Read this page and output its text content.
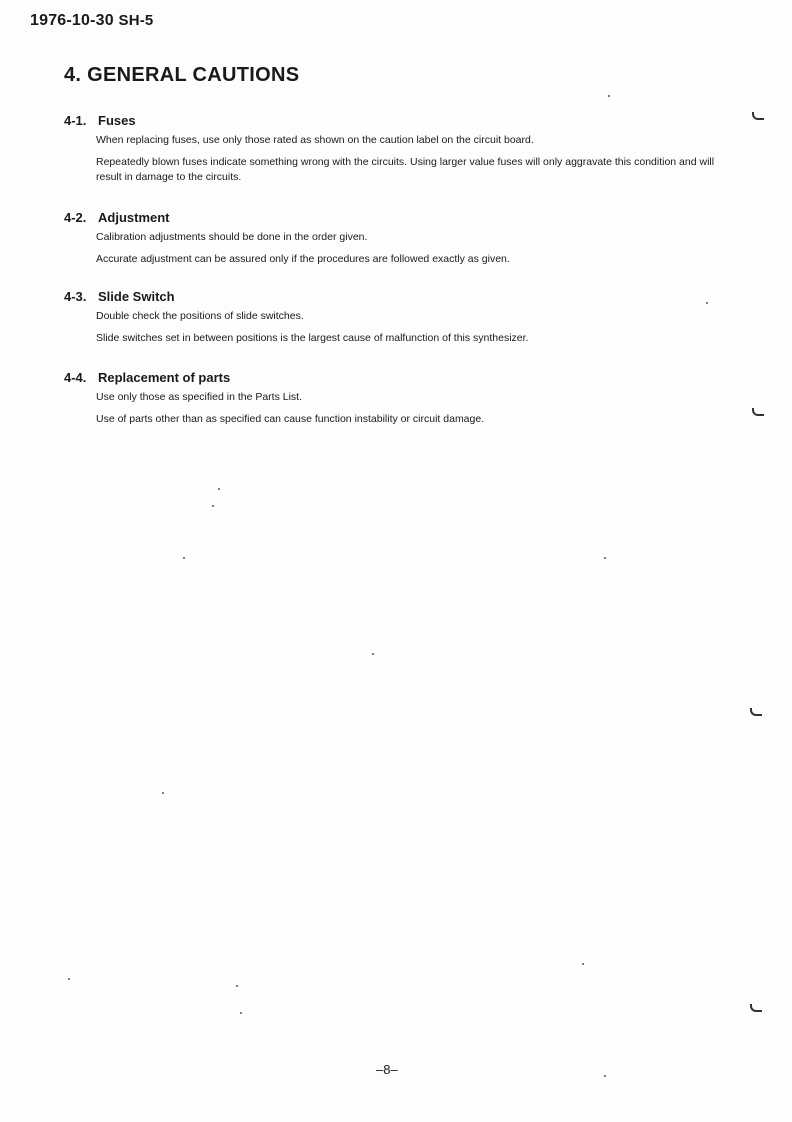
1976-10-30 SH-5
4. GENERAL CAUTIONS

4-1. Fuses

When replacing fuses, use only those rated as shown on the caution label on the circuit board.

Repeatedly blown fuses indicate something wrong with the circuits. Using larger value fuses will only aggravate this condition and will result in damage to the circuits.

4-2. Adjustment

Calibration adjustments should be done in the order given.

Accurate adjustment can be assured only if the procedures are followed exactly as given.

4-3. Slide Switch

Double check the positions of slide switches.

Slide switches set in between positions is the largest cause of malfunction of this synthesizer.

4-4. Replacement of parts

Use only those as specified in the Parts List.

Use of parts other than as specified can cause function instability or circuit damage.

–8–
